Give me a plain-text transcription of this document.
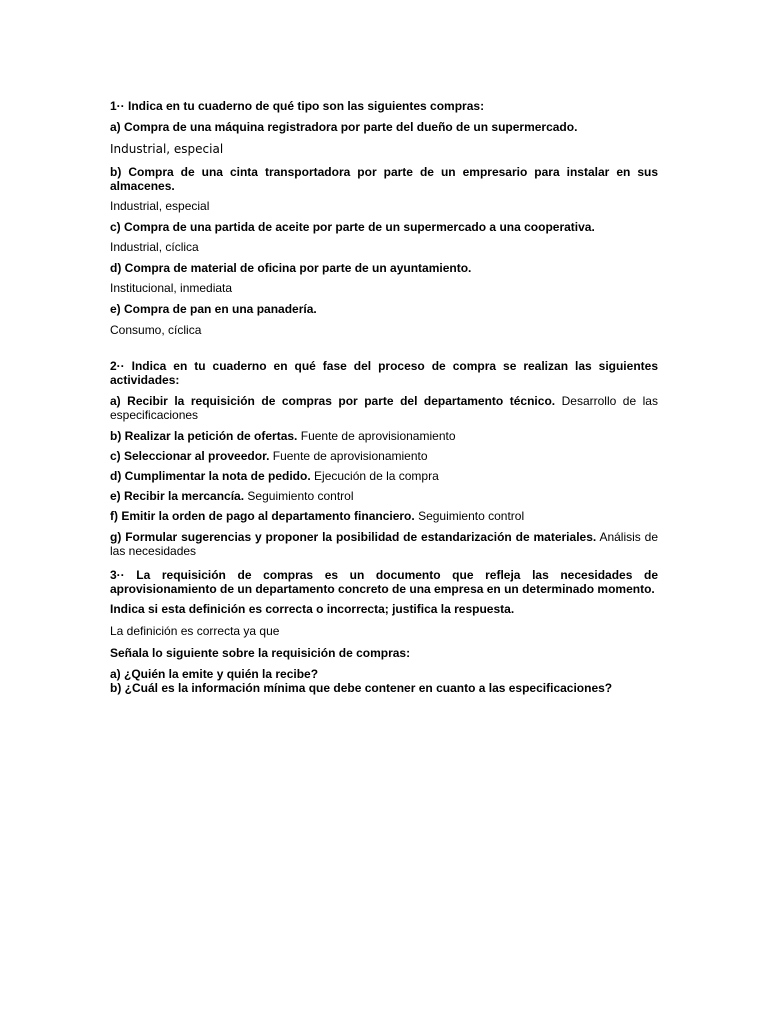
1·· Indica en tu cuaderno de qué tipo son las siguientes compras:

a) Compra de una máquina registradora por parte del dueño de un supermercado.

Industrial, especial

b) Compra de una cinta transportadora por parte de un empresario para instalar en sus almacenes.

Industrial, especial

c) Compra de una partida de aceite por parte de un supermercado a una cooperativa.

Industrial, cíclica

d) Compra de material de oficina por parte de un ayuntamiento.

Institucional, inmediata

e) Compra de pan en una panadería.

Consumo, cíclica

2·· Indica en tu cuaderno en qué fase del proceso de compra se realizan las siguientes actividades:

a) Recibir la requisición de compras por parte del departamento técnico. Desarrollo de las especificaciones

b) Realizar la petición de ofertas. Fuente de aprovisionamiento

c) Seleccionar al proveedor. Fuente de aprovisionamiento

d) Cumplimentar la nota de pedido. Ejecución de la compra

e) Recibir la mercancía. Seguimiento control

f) Emitir la orden de pago al departamento financiero. Seguimiento control

g) Formular sugerencias y proponer la posibilidad de estandarización de materiales. Análisis de las necesidades

3·· La requisición de compras es un documento que refleja las necesidades de aprovisionamiento de un departamento concreto de una empresa en un determinado momento.

Indica si esta definición es correcta o incorrecta; justifica la respuesta.

La definición es correcta ya que

Señala lo siguiente sobre la requisición de compras:

a) ¿Quién la emite y quién la recibe?

b) ¿Cuál es la información mínima que debe contener en cuanto a las especificaciones?
